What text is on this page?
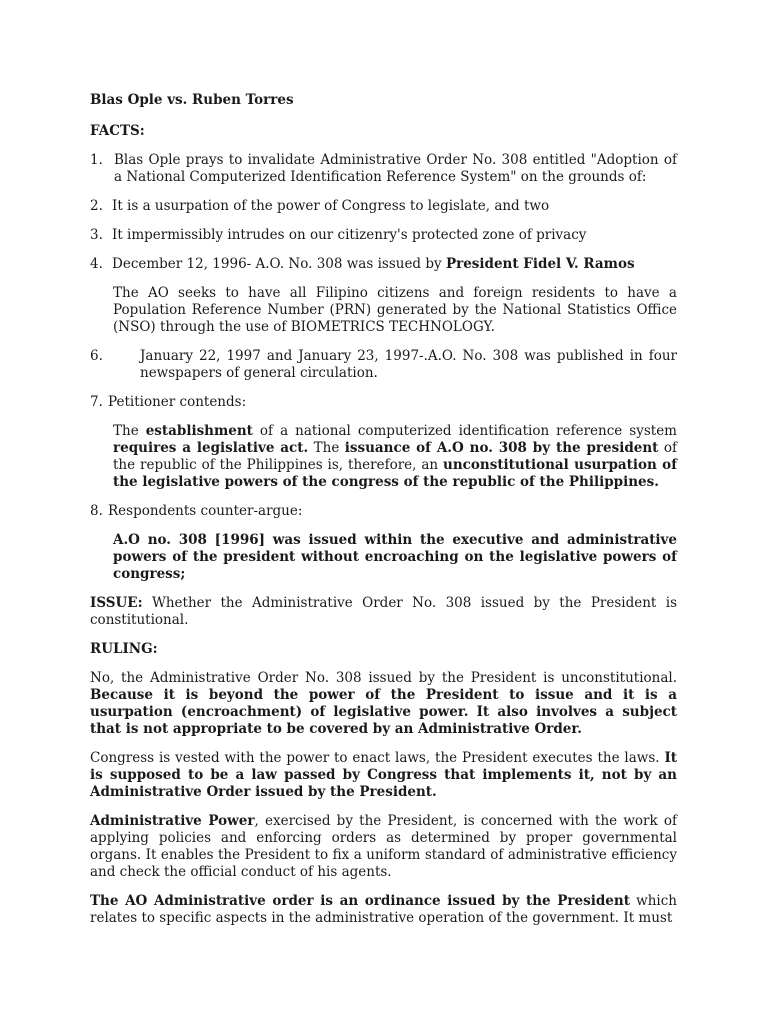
Blas Ople vs. Ruben Torres
FACTS:
1. Blas Ople prays to invalidate Administrative Order No. 308 entitled "Adoption of a National Computerized Identification Reference System" on the grounds of:
2. It is a usurpation of the power of Congress to legislate, and two
3. It impermissibly intrudes on our citizenry's protected zone of privacy
4. December 12, 1996- A.O. No. 308 was issued by President Fidel V. Ramos
The AO seeks to have all Filipino citizens and foreign residents to have a Population Reference Number (PRN) generated by the National Statistics Office (NSO) through the use of BIOMETRICS TECHNOLOGY.
6.	January 22, 1997 and January 23, 1997-.A.O. No. 308 was published in four newspapers of general circulation.
7. Petitioner contends:
The establishment of a national computerized identification reference system requires a legislative act. The issuance of A.O no. 308 by the president of the republic of the Philippines is, therefore, an unconstitutional usurpation of the legislative powers of the congress of the republic of the Philippines.
8. Respondents counter-argue:
A.O no. 308 [1996] was issued within the executive and administrative powers of the president without encroaching on the legislative powers of congress;
ISSUE: Whether the Administrative Order No. 308 issued by the President is constitutional.
RULING:
No, the Administrative Order No. 308 issued by the President is unconstitutional. Because it is beyond the power of the President to issue and it is a usurpation (encroachment) of legislative power. It also involves a subject that is not appropriate to be covered by an Administrative Order.
Congress is vested with the power to enact laws, the President executes the laws. It is supposed to be a law passed by Congress that implements it, not by an Administrative Order issued by the President.
Administrative Power, exercised by the President, is concerned with the work of applying policies and enforcing orders as determined by proper governmental organs. It enables the President to fix a uniform standard of administrative efficiency and check the official conduct of his agents.
The AO Administrative order is an ordinance issued by the President which relates to specific aspects in the administrative operation of the government. It must
